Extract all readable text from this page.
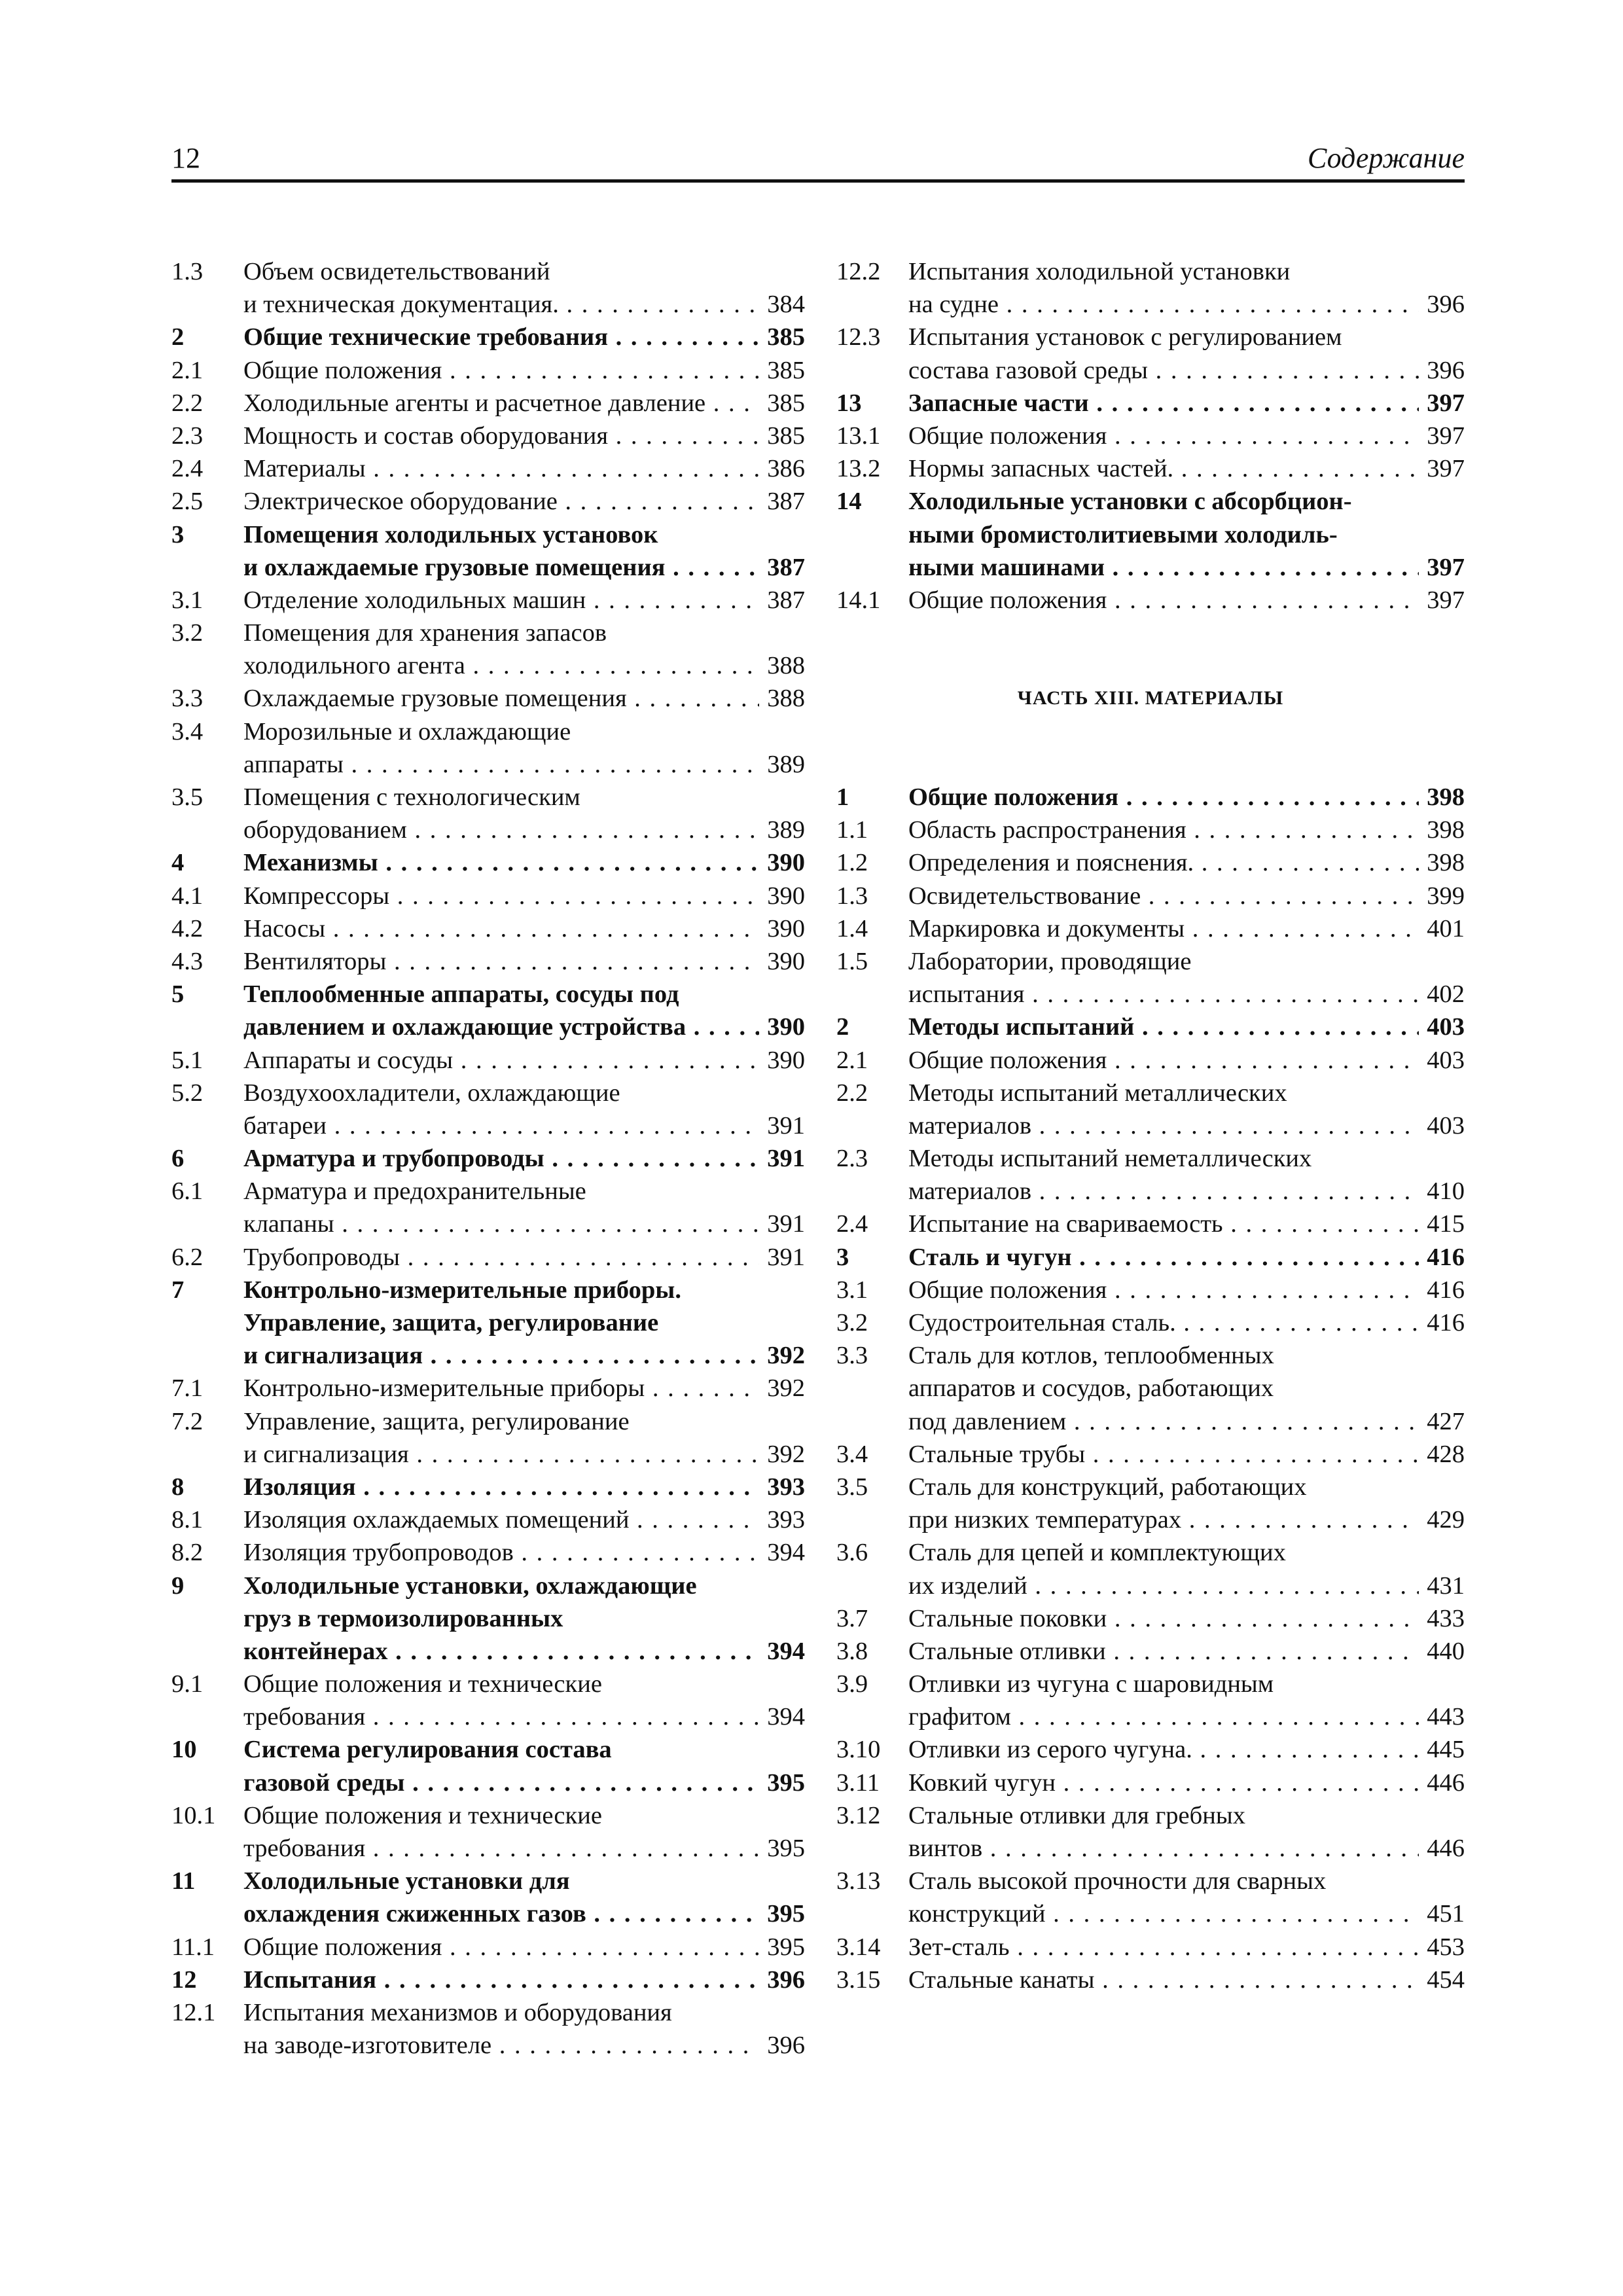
12	Содержание
1.3	Объем освидетельствований
и техническая документация. . . .	384
2	Общие технические требования . . .	385
2.1	Общие положения . . .	385
2.2	Холодильные агенты и расчетное давление . . .	385
2.3	Мощность и состав оборудования . . .	385
2.4	Материалы . . .	386
2.5	Электрическое оборудование . . .	387
3	Помещения холодильных установок
и охлаждаемые грузовые помещения . . .	387
3.1	Отделение холодильных машин . . .	387
3.2	Помещения для хранения запасов
холодильного агента . . .	388
3.3	Охлаждаемые грузовые помещения . . .	388
3.4	Морозильные и охлаждающие
аппараты . . .	389
3.5	Помещения с технологическим
оборудованием . . .	389
4	Механизмы . . .	390
4.1	Компрессоры . . .	390
4.2	Насосы . . .	390
4.3	Вентиляторы . . .	390
5	Теплообменные аппараты, сосуды под
давлением и охлаждающие устройства . . .	390
5.1	Аппараты и сосуды . . .	390
5.2	Воздухоохладители, охлаждающие
батареи . . .	391
6	Арматура и трубопроводы . . .	391
6.1	Арматура и предохранительные
клапаны . . .	391
6.2	Трубопроводы . . .	391
7	Контрольно-измерительные приборы.
Управление, защита, регулирование
и сигнализация . . .	392
7.1	Контрольно-измерительные приборы . . .	392
7.2	Управление, защита, регулирование
и сигнализация . . .	392
8	Изоляция . . .	393
8.1	Изоляция охлаждаемых помещений . . .	393
8.2	Изоляция трубопроводов . . .	394
9	Холодильные установки, охлаждающие
груз в термоизолированных
контейнерах . . .	394
9.1	Общие положения и технические
требования . . .	394
10	Система регулирования состава
газовой среды . . .	395
10.1	Общие положения и технические
требования . . .	395
11	Холодильные установки для
охлаждения сжиженных газов . . .	395
11.1	Общие положения . . .	395
12	Испытания . . .	396
12.1	Испытания механизмов и оборудования
на заводе-изготовителе . . .	396
12.2	Испытания холодильной установки
на судне . . .	396
12.3	Испытания установок с регулированием
состава газовой среды . . .	396
13	Запасные части . . .	397
13.1	Общие положения . . .	397
13.2	Нормы запасных частей. . . .	397
14	Холодильные установки с абсорбцион-
ными бромистолитиевыми холодиль-
ными машинами . . .	397
14.1	Общие положения . . .	397
ЧАСТЬ XIII. МАТЕРИАЛЫ
1	Общие положения . . .	398
1.1	Область распространения . . .	398
1.2	Определения и пояснения. . . .	398
1.3	Освидетельствование . . .	399
1.4	Маркировка и документы . . .	401
1.5	Лаборатории, проводящие
испытания . . .	402
2	Методы испытаний . . .	403
2.1	Общие положения . . .	403
2.2	Методы испытаний металлических
материалов . . .	403
2.3	Методы испытаний неметаллических
материалов . . .	410
2.4	Испытание на свариваемость . . .	415
3	Сталь и чугун . . .	416
3.1	Общие положения . . .	416
3.2	Судостроительная сталь. . . .	416
3.3	Сталь для котлов, теплообменных
аппаратов и сосудов, работающих
под давлением . . .	427
3.4	Стальные трубы . . .	428
3.5	Сталь для конструкций, работающих
при низких температурах . . .	429
3.6	Сталь для цепей и комплектующих
их изделий . . .	431
3.7	Стальные поковки . . .	433
3.8	Стальные отливки . . .	440
3.9	Отливки из чугуна с шаровидным
графитом . . .	443
3.10	Отливки из серого чугуна. . . .	445
3.11	Ковкий чугун . . .	446
3.12	Стальные отливки для гребных
винтов . . .	446
3.13	Сталь высокой прочности для сварных
конструкций . . .	451
3.14	Зет-сталь . . .	453
3.15	Стальные канаты . . .	454
